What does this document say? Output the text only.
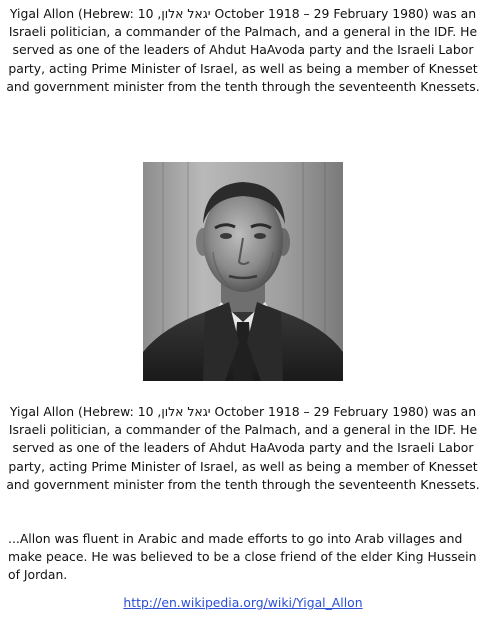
Yigal Allon (Hebrew: יגאל אלון, 10 October 1918 – 29 February 1980) was an Israeli politician, a commander of the Palmach, and a general in the IDF. He served as one of the leaders of Ahdut HaAvoda party and the Israeli Labor party, acting Prime Minister of Israel, as well as being a member of Knesset and government minister from the tenth through the seventeenth Knessets.

Yigal Allon (Hebrew: יגאל אלון, 10 October 1918 – 29 February 1980) was an Israeli politician, a commander of the Palmach, and a general in the IDF. He served as one of the leaders of Ahdut HaAvoda party and the Israeli Labor party, acting Prime Minister of Israel, as well as being a member of Knesset and government minister from the tenth through the seventeenth Knessets.

...Allon was fluent in Arabic and made efforts to go into Arab villages and make peace. He was believed to be a close friend of the elder King Hussein of Jordan.

http://en.wikipedia.org/wiki/Yigal_Allon
